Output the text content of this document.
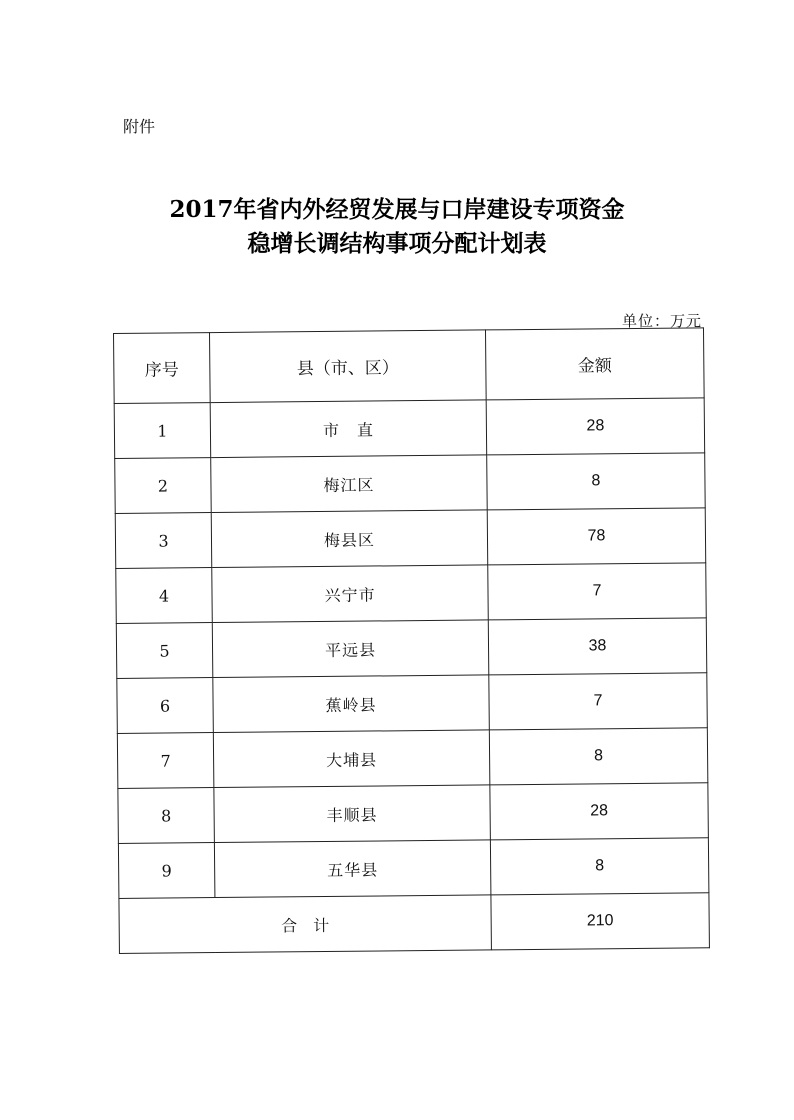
附件
2017年省内外经贸发展与口岸建设专项资金
稳增长调结构事项分配计划表
单位：万元
序号	县（市、区）	金额
1	市　直	28
2	梅江区	8
3	梅县区	78
4	兴宁市	7
5	平远县	38
6	蕉岭县	7
7	大埔县	8
8	丰顺县	28
9	五华县	8
合　计		210
